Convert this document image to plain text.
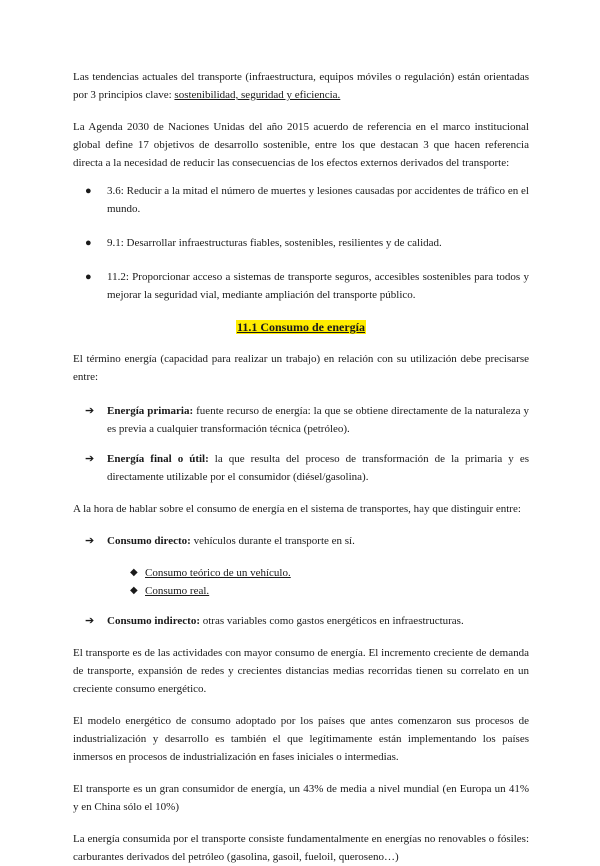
Las tendencias actuales del transporte (infraestructura, equipos móviles o regulación) están orientadas por 3 principios clave: sostenibilidad, seguridad y eficiencia.

La Agenda 2030 de Naciones Unidas del año 2015 acuerdo de referencia en el marco institucional global define 17 objetivos de desarrollo sostenible, entre los que destacan 3 que hacen referencia directa a la necesidad de reducir las consecuencias de los efectos externos derivados del transporte:

● 3.6: Reducir a la mitad el número de muertes y lesiones causadas por accidentes de tráfico en el mundo.
● 9.1: Desarrollar infraestructuras fiables, sostenibles, resilientes y de calidad.
● 11.2: Proporcionar acceso a sistemas de transporte seguros, accesibles sostenibles para todos y mejorar la seguridad vial, mediante ampliación del transporte público.
11.1 Consumo de energía

El término energía (capacidad para realizar un trabajo) en relación con su utilización debe precisarse entre:

➔ Energía primaria: fuente recurso de energía: la que se obtiene directamente de la naturaleza y es previa a cualquier transformación técnica (petróleo).
➔ Energía final o útil: la que resulta del proceso de transformación de la primaria y es directamente utilizable por el consumidor (diésel/gasolina).

A la hora de hablar sobre el consumo de energía en el sistema de transportes, hay que distinguir entre:

➔ Consumo directo: vehículos durante el transporte en sí.
◆ Consumo teórico de un vehículo.
◆ Consumo real.
➔ Consumo indirecto: otras variables como gastos energéticos en infraestructuras.

El transporte es de las actividades con mayor consumo de energía. El incremento creciente de demanda de transporte, expansión de redes y crecientes distancias medias recorridas tienen su correlato en un creciente consumo energético.

El modelo energético de consumo adoptado por los países que antes comenzaron sus procesos de industrialización y desarrollo es también el que legítimamente están implementando los países inmersos en procesos de industrialización en fases iniciales o intermedias.

El transporte es un gran consumidor de energía, un 43% de media a nivel mundial (en Europa un 41% y en China sólo el 10%)

La energía consumida por el transporte consiste fundamentalmente en energías no renovables o fósiles: carburantes derivados del petróleo (gasolina, gasoil, fueloil, queroseno…)
